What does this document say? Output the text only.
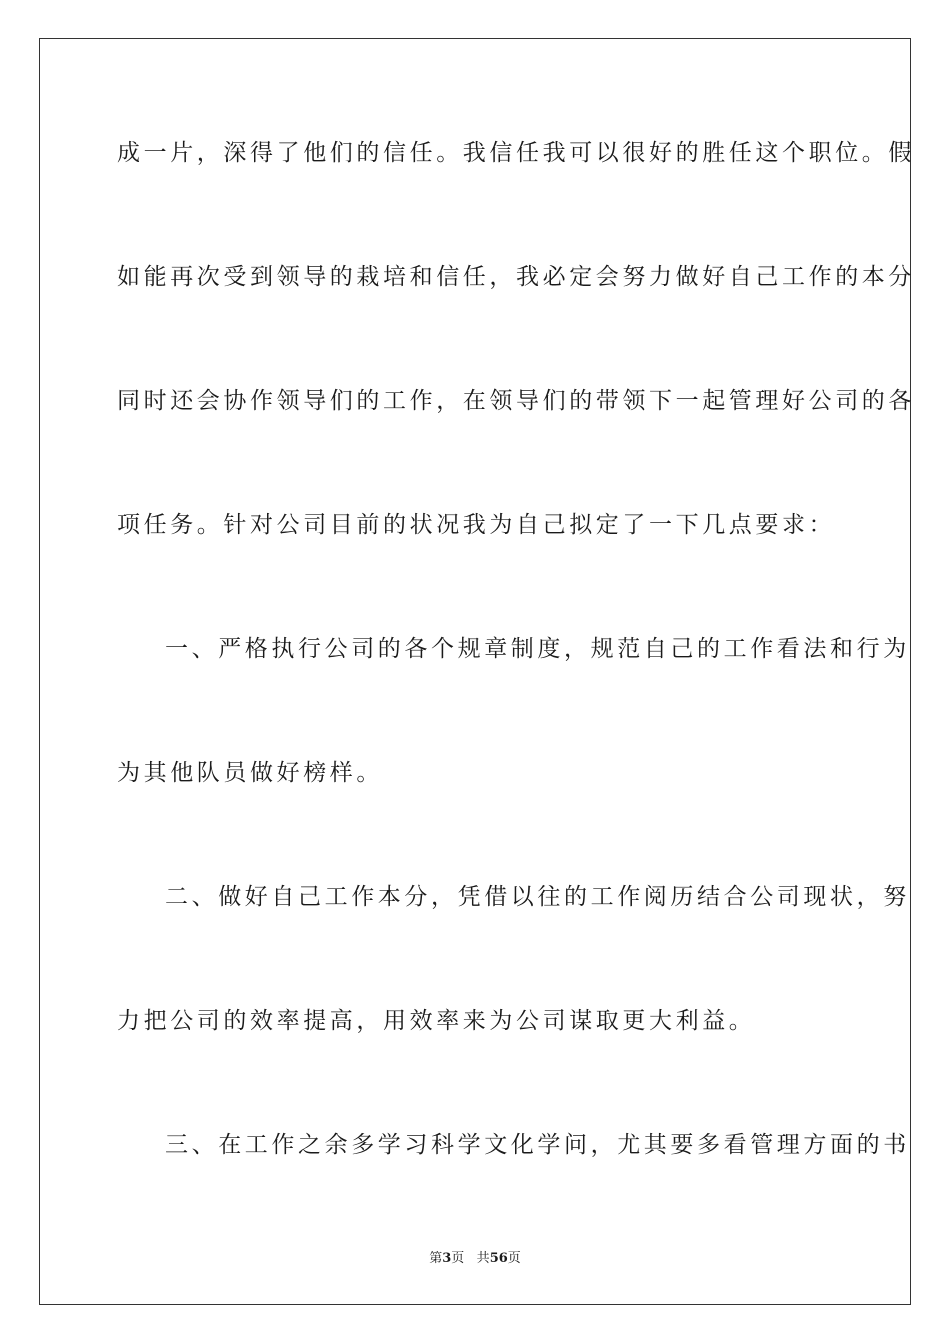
成一片，深得了他们的信任。我信任我可以很好的胜任这个职位。假
如能再次受到领导的栽培和信任，我必定会努力做好自己工作的本分
同时还会协作领导们的工作，在领导们的带领下一起管理好公司的各
项任务。针对公司目前的状况我为自己拟定了一下几点要求：
一、严格执行公司的各个规章制度，规范自己的工作看法和行为
为其他队员做好榜样。
二、做好自己工作本分，凭借以往的工作阅历结合公司现状，努
力把公司的效率提高，用效率来为公司谋取更大利益。
三、在工作之余多学习科学文化学问，尤其要多看管理方面的书
第3页 共56页
